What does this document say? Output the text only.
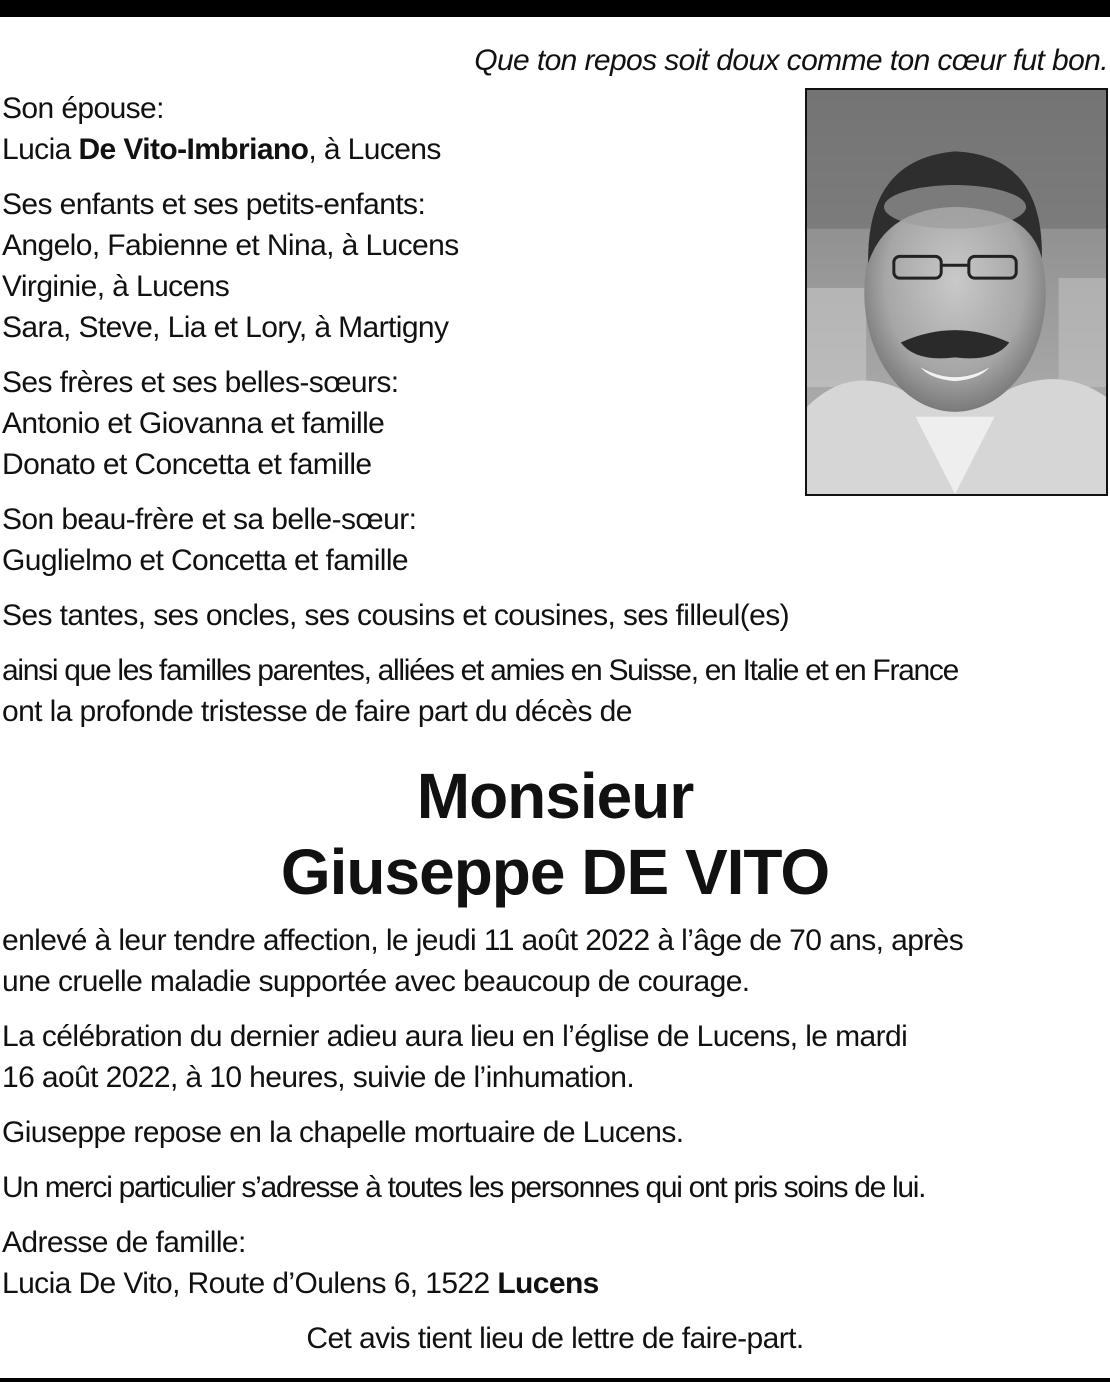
Que ton repos soit doux comme ton cœur fut bon.
Son épouse:
Lucia De Vito-Imbriano, à Lucens
Ses enfants et ses petits-enfants:
Angelo, Fabienne et Nina, à Lucens
Virginie, à Lucens
Sara, Steve, Lia et Lory, à Martigny
Ses frères et ses belles-sœurs:
Antonio et Giovanna et famille
Donato et Concetta et famille
Son beau-frère et sa belle-sœur:
Guglielmo et Concetta et famille
Ses tantes, ses oncles, ses cousins et cousines, ses filleul(es)
ainsi que les familles parentes, alliées et amies en Suisse, en Italie et en France
ont la profonde tristesse de faire part du décès de
Monsieur
Giuseppe DE VITO
enlevé à leur tendre affection, le jeudi 11 août 2022 à l’âge de 70 ans, après
une cruelle maladie supportée avec beaucoup de courage.
La célébration du dernier adieu aura lieu en l’église de Lucens, le mardi
16 août 2022, à 10 heures, suivie de l’inhumation.
Giuseppe repose en la chapelle mortuaire de Lucens.
Un merci particulier s’adresse à toutes les personnes qui ont pris soins de lui.
Adresse de famille:
Lucia De Vito, Route d’Oulens 6, 1522 Lucens
Cet avis tient lieu de lettre de faire-part.
